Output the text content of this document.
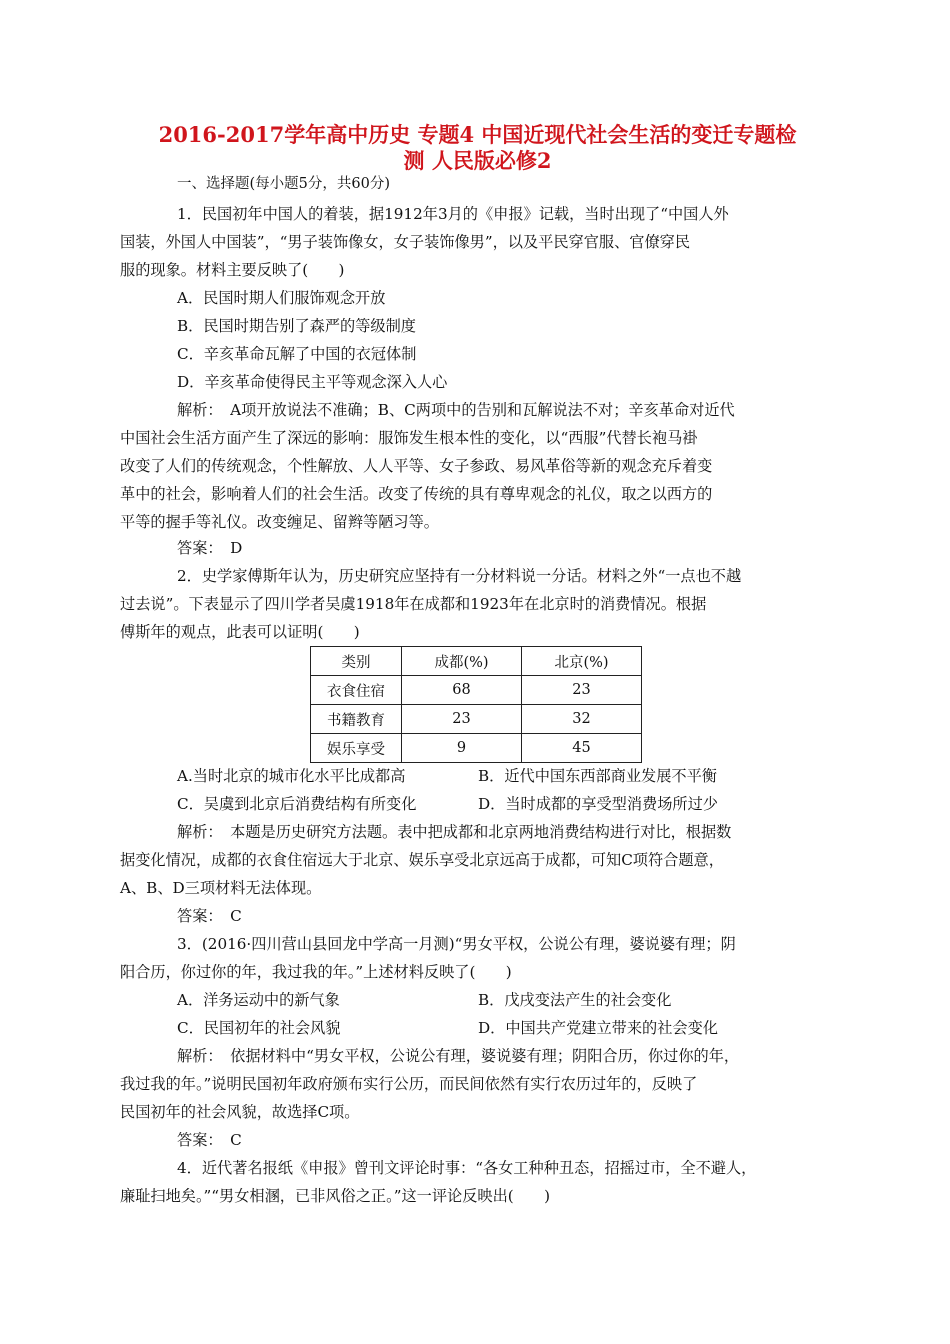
2016-2017学年高中历史 专题4 中国近现代社会生活的变迁专题检
测 人民版必修2
一、选择题(每小题5分，共60分)
1．民国初年中国人的着装，据1912年3月的《申报》记载，当时出现了“中国人外
国装，外国人中国装”，“男子装饰像女，女子装饰像男”，以及平民穿官服、官僚穿民
服的现象。材料主要反映了(　　)
A．民国时期人们服饰观念开放
B．民国时期告别了森严的等级制度
C．辛亥革命瓦解了中国的衣冠体制
D．辛亥革命使得民主平等观念深入人心
解析：　A项开放说法不准确；B、C两项中的告别和瓦解说法不对；辛亥革命对近代
中国社会生活方面产生了深远的影响：服饰发生根本性的变化，以“西服”代替长袍马褂
改变了人们的传统观念，个性解放、人人平等、女子参政、易风革俗等新的观念充斥着变
革中的社会，影响着人们的社会生活。改变了传统的具有尊卑观念的礼仪，取之以西方的
平等的握手等礼仪。改变缠足、留辫等陋习等。
答案：　D
2．史学家傅斯年认为，历史研究应坚持有一分材料说一分话。材料之外“一点也不越
过去说”。下表显示了四川学者吴虞1918年在成都和1923年在北京时的消费情况。根据
傅斯年的观点，此表可以证明(　　)
类别	成都(%)	北京(%)
衣食住宿	68	23
书籍教育	23	32
娱乐享受	9	45
A.当时北京的城市化水平比成都高	B．近代中国东西部商业发展不平衡
C．吴虞到北京后消费结构有所变化	D．当时成都的享受型消费场所过少
解析：　本题是历史研究方法题。表中把成都和北京两地消费结构进行对比，根据数
据变化情况，成都的衣食住宿远大于北京、娱乐享受北京远高于成都，可知C项符合题意，
A、B、D三项材料无法体现。
答案：　C
3．(2016·四川营山县回龙中学高一月测)“男女平权，公说公有理，婆说婆有理；阴
阳合历，你过你的年，我过我的年。”上述材料反映了(　　)
A．洋务运动中的新气象	B．戊戌变法产生的社会变化
C．民国初年的社会风貌	D．中国共产党建立带来的社会变化
解析：　依据材料中“男女平权，公说公有理，婆说婆有理；阴阳合历，你过你的年，
我过我的年。”说明民国初年政府颁布实行公历，而民间依然有实行农历过年的，反映了
民国初年的社会风貌，故选择C项。
答案：　C
4．近代著名报纸《申报》曾刊文评论时事：“各女工种种丑态，招摇过市，全不避人，
廉耻扫地矣。”“男女相溷，已非风俗之正。”这一评论反映出(　　)
